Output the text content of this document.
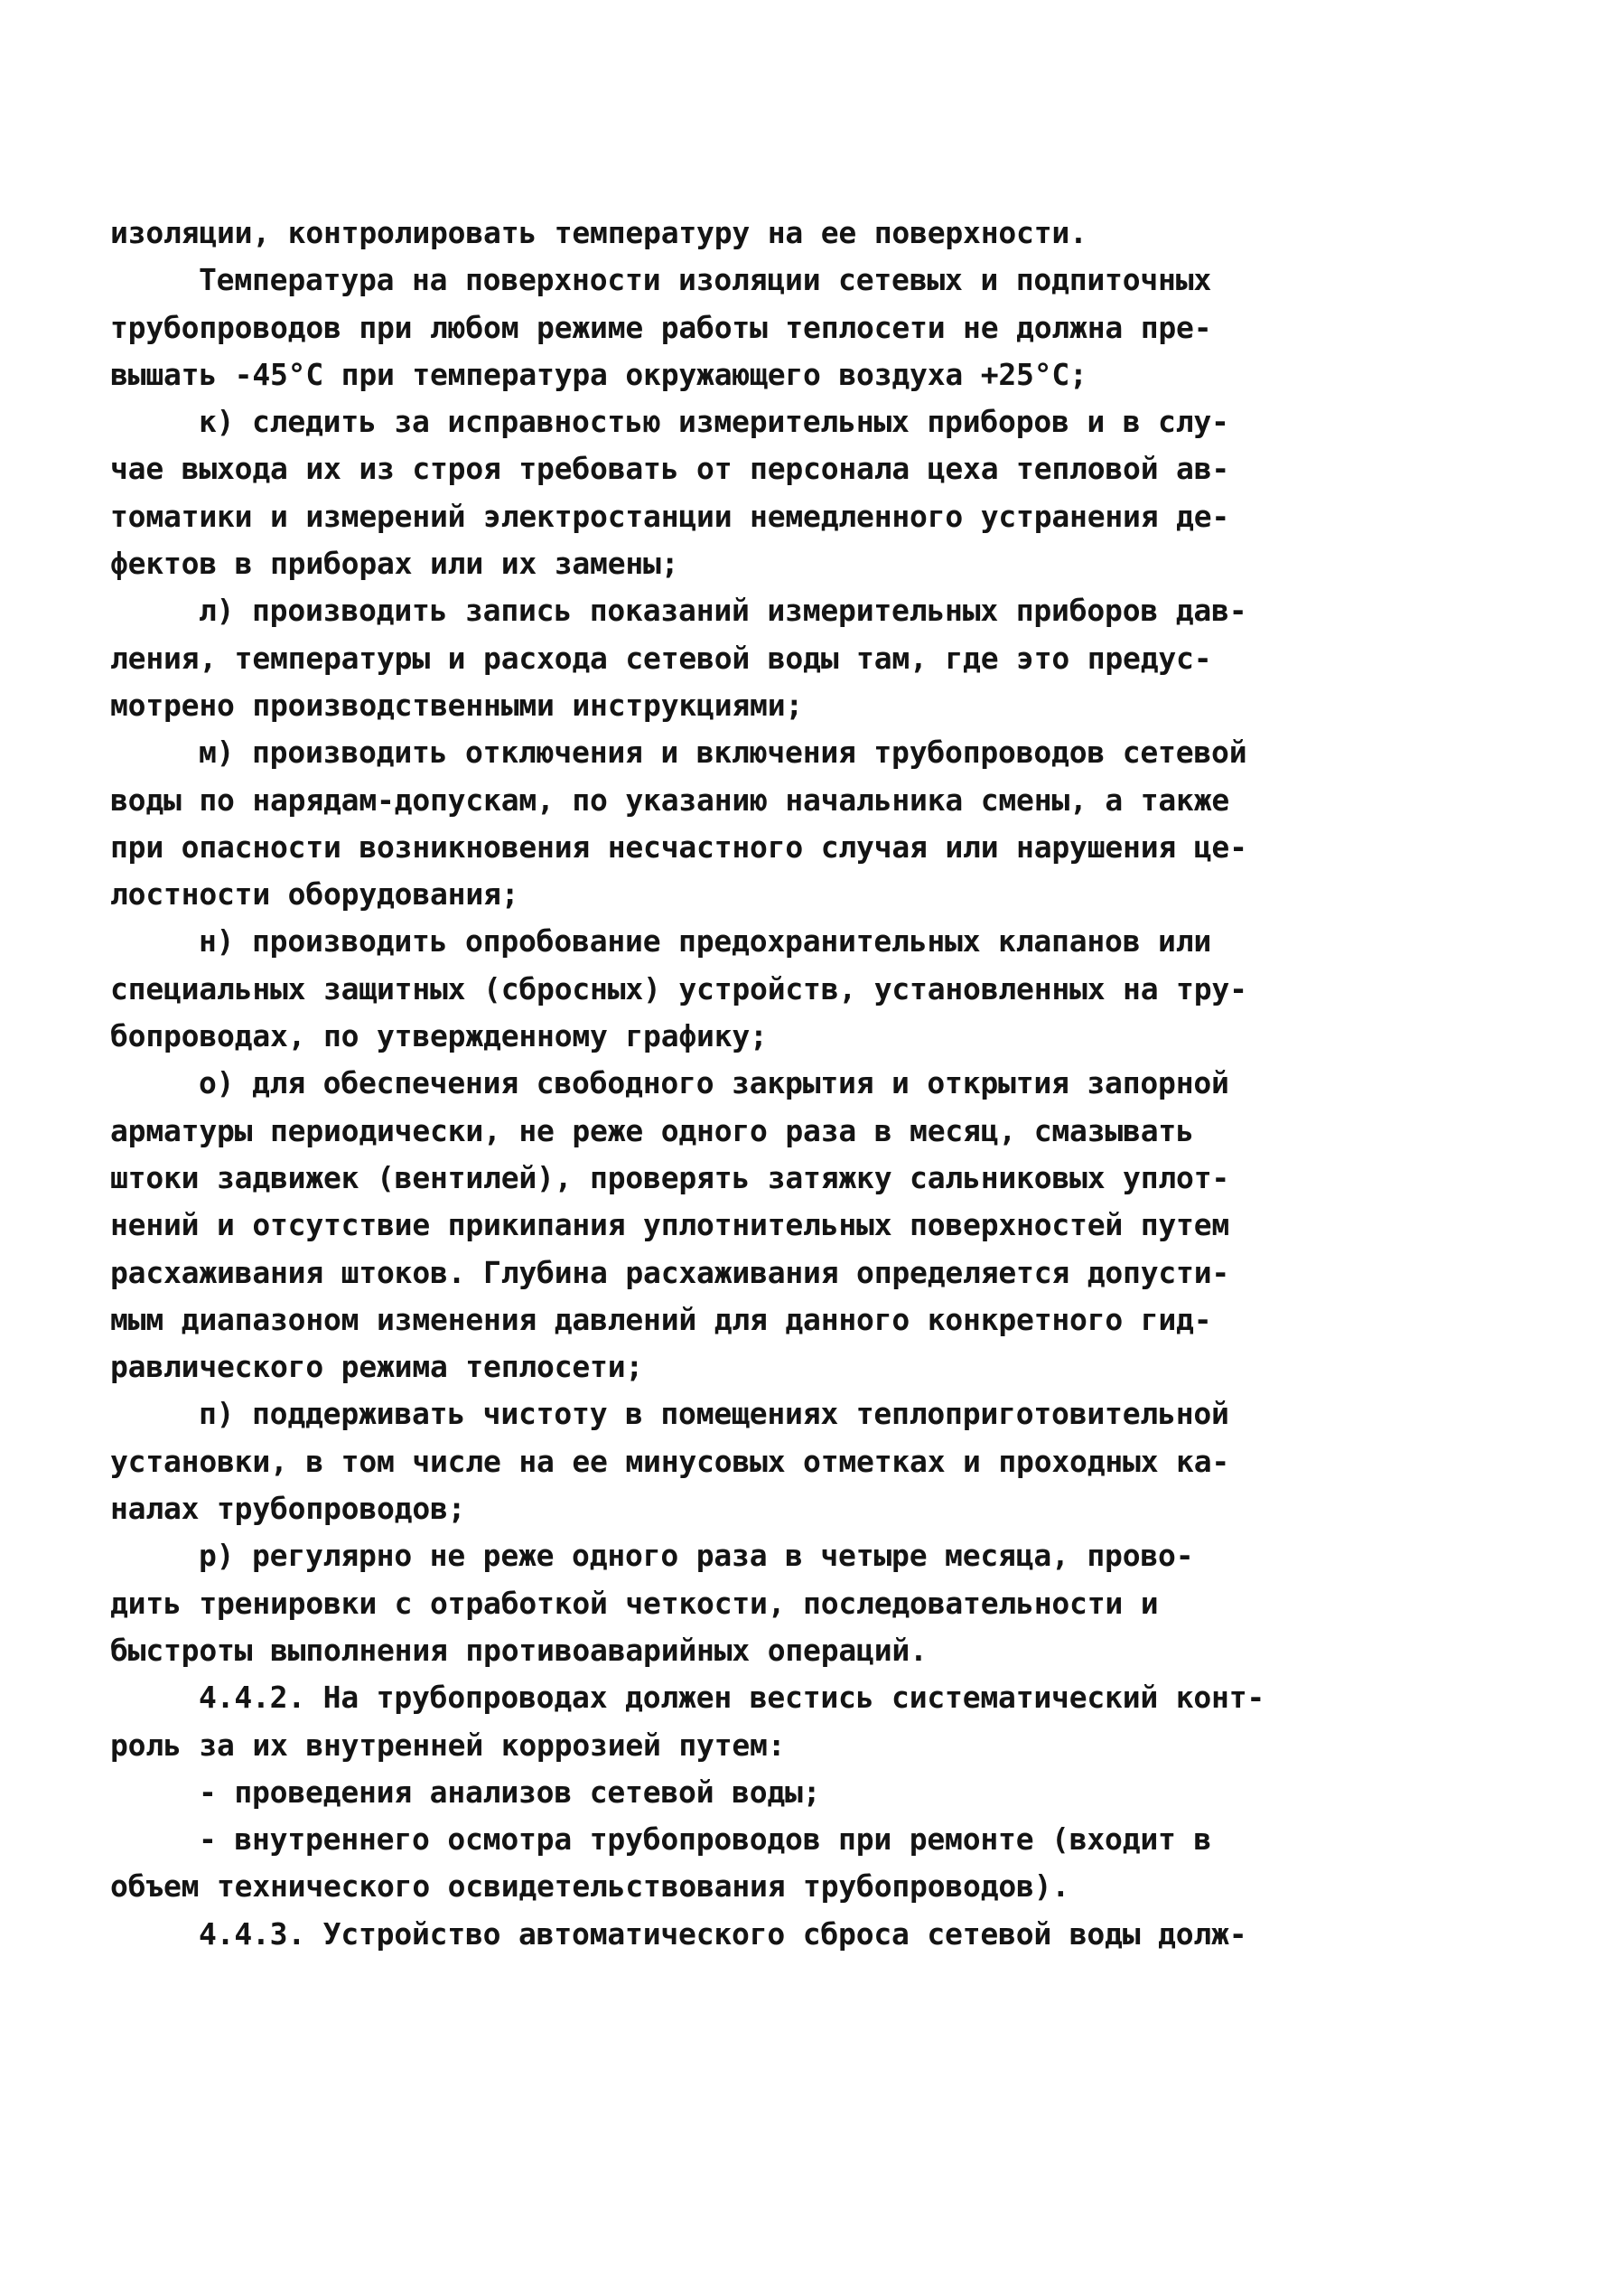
изоляции, контролировать температуру на ее поверхности.
Температура на поверхности изоляции сетевых и подпиточных
трубопроводов при любом режиме работы теплосети не должна пре-
вышать -45°С при температура окружающего воздуха +25°С;
к) следить за исправностью измерительных приборов и в слу-
чае выхода их из строя требовать от персонала цеха тепловой ав-
томатики и измерений электростанции немедленного устранения де-
фектов в приборах или их замены;
л) производить запись показаний измерительных приборов дав-
ления, температуры и расхода сетевой воды там, где это предус-
мотрено производственными инструкциями;
м) производить отключения и включения трубопроводов сетевой
воды по нарядам-допускам, по указанию начальника смены, а также
при опасности возникновения несчастного случая или нарушения це-
лостности оборудования;
н) производить опробование предохранительных клапанов или
специальных защитных (сбросных) устройств, установленных на тру-
бопроводах, по утвержденному графику;
о) для обеспечения свободного закрытия и открытия запорной
арматуры периодически, не реже одного раза в месяц, смазывать
штоки задвижек (вентилей), проверять затяжку сальниковых уплот-
нений и отсутствие прикипания уплотнительных поверхностей путем
расхаживания штоков. Глубина расхаживания определяется допусти-
мым диапазоном изменения давлений для данного конкретного гид-
равлического режима теплосети;
п) поддерживать чистоту в помещениях теплоприготовительной
установки, в том числе на ее минусовых отметках и проходных ка-
налах трубопроводов;
р) регулярно не реже одного раза в четыре месяца, прово-
дить тренировки с отработкой четкости, последовательности и
быстроты выполнения противоаварийных операций.
4.4.2. На трубопроводах должен вестись систематический конт-
роль за их внутренней коррозией путем:
- проведения анализов сетевой воды;
- внутреннего осмотра трубопроводов при ремонте (входит в
объем технического освидетельствования трубопроводов).
4.4.3. Устройство автоматического сброса сетевой воды долж-
